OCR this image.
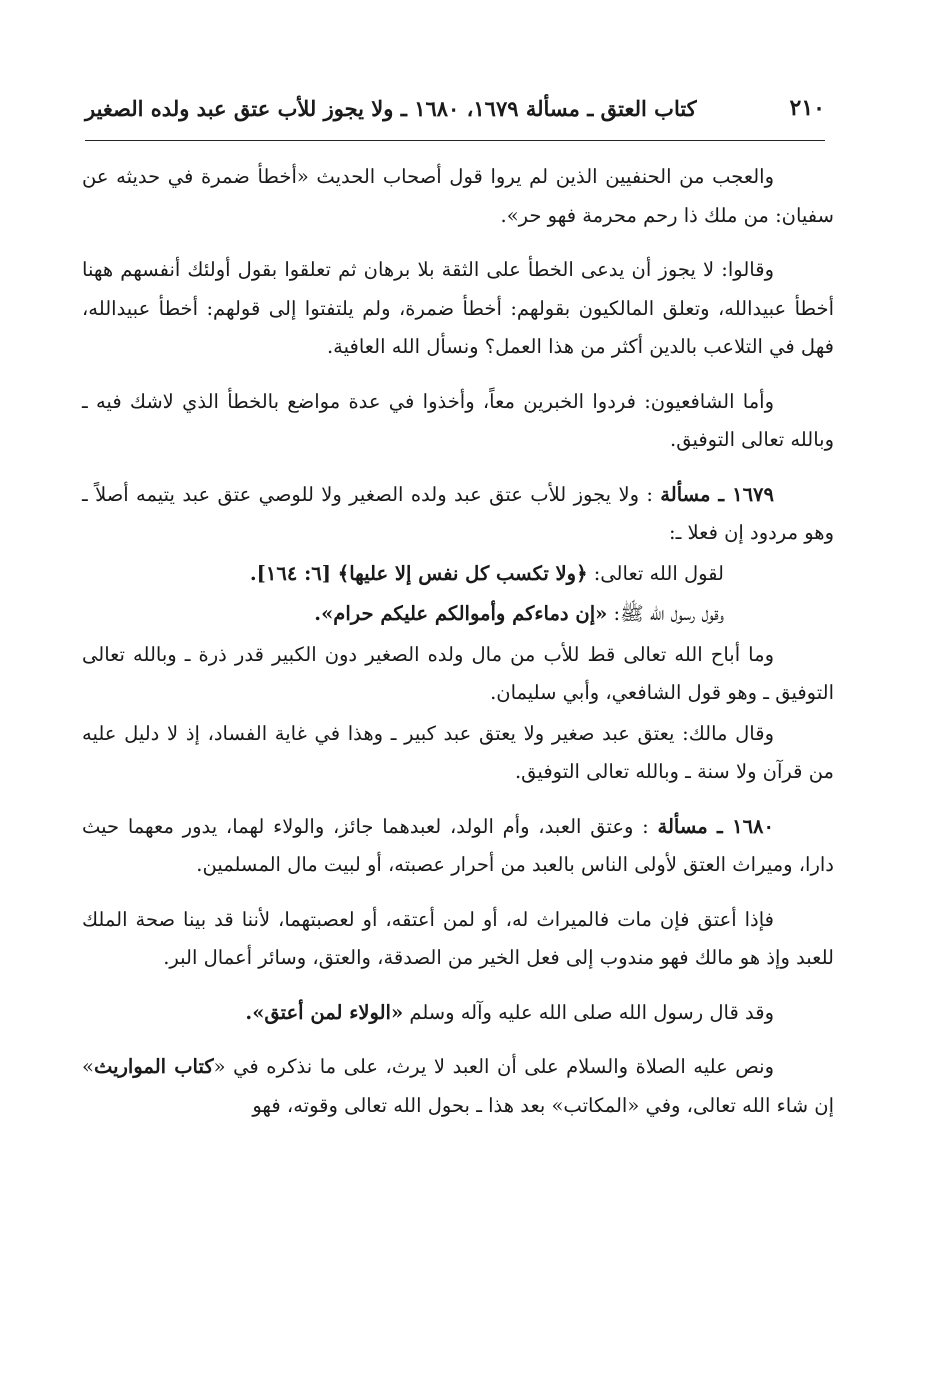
٢١٠
كتاب العتق ـ مسألة ١٦٧٩، ١٦٨٠ ـ ولا يجوز للأب عتق عبد ولده الصغير

والعجب من الحنفيين الذين لم يروا قول أصحاب الحديث «أخطأ ضمرة في حديثه عن سفيان: من ملك ذا رحم محرمة فهو حر».

وقالوا: لا يجوز أن يدعى الخطأ على الثقة بلا برهان ثم تعلقوا بقول أولئك أنفسهم ههنا أخطأ عبيدالله، وتعلق المالكيون بقولهم: أخطأ ضمرة، ولم يلتفتوا إلى قولهم: أخطأ عبيدالله، فهل في التلاعب بالدين أكثر من هذا العمل؟ ونسأل الله العافية.

وأما الشافعيون: فردوا الخبرين معاً، وأخذوا في عدة مواضع بالخطأ الذي لاشك فيه ـ وبالله تعالى التوفيق.

١٦٧٩ ـ مسألة : ولا يجوز للأب عتق عبد ولده الصغير ولا للوصي عتق عبد يتيمه أصلاً ـ وهو مردود إن فعلا ـ:

لقول الله تعالى: ﴿ولا تكسب كل نفس إلا عليها﴾ [٦: ١٦٤].

وقول رسول الله ﷺ: «إن دماءكم وأموالكم عليكم حرام».

وما أباح الله تعالى قط للأب من مال ولده الصغير دون الكبير قدر ذرة ـ وبالله تعالى التوفيق ـ وهو قول الشافعي، وأبي سليمان.

وقال مالك: يعتق عبد صغير ولا يعتق عبد كبير ـ وهذا في غاية الفساد، إذ لا دليل عليه من قرآن ولا سنة ـ وبالله تعالى التوفيق.

١٦٨٠ ـ مسألة : وعتق العبد، وأم الولد، لعبدهما جائز، والولاء لهما، يدور معهما حيث دارا، وميراث العتق لأولى الناس بالعبد من أحرار عصبته، أو لبيت مال المسلمين.

فإذا أعتق فإن مات فالميراث له، أو لمن أعتقه، أو لعصبتهما، لأننا قد بينا صحة الملك للعبد وإذ هو مالك فهو مندوب إلى فعل الخير من الصدقة، والعتق، وسائر أعمال البر.

وقد قال رسول الله صلى الله عليه وآله وسلم «الولاء لمن أعتق».

ونص عليه الصلاة والسلام على أن العبد لا يرث، على ما نذكره في «كتاب المواريث» إن شاء الله تعالى، وفي «المكاتب» بعد هذا ـ بحول الله تعالى وقوته، فهو
